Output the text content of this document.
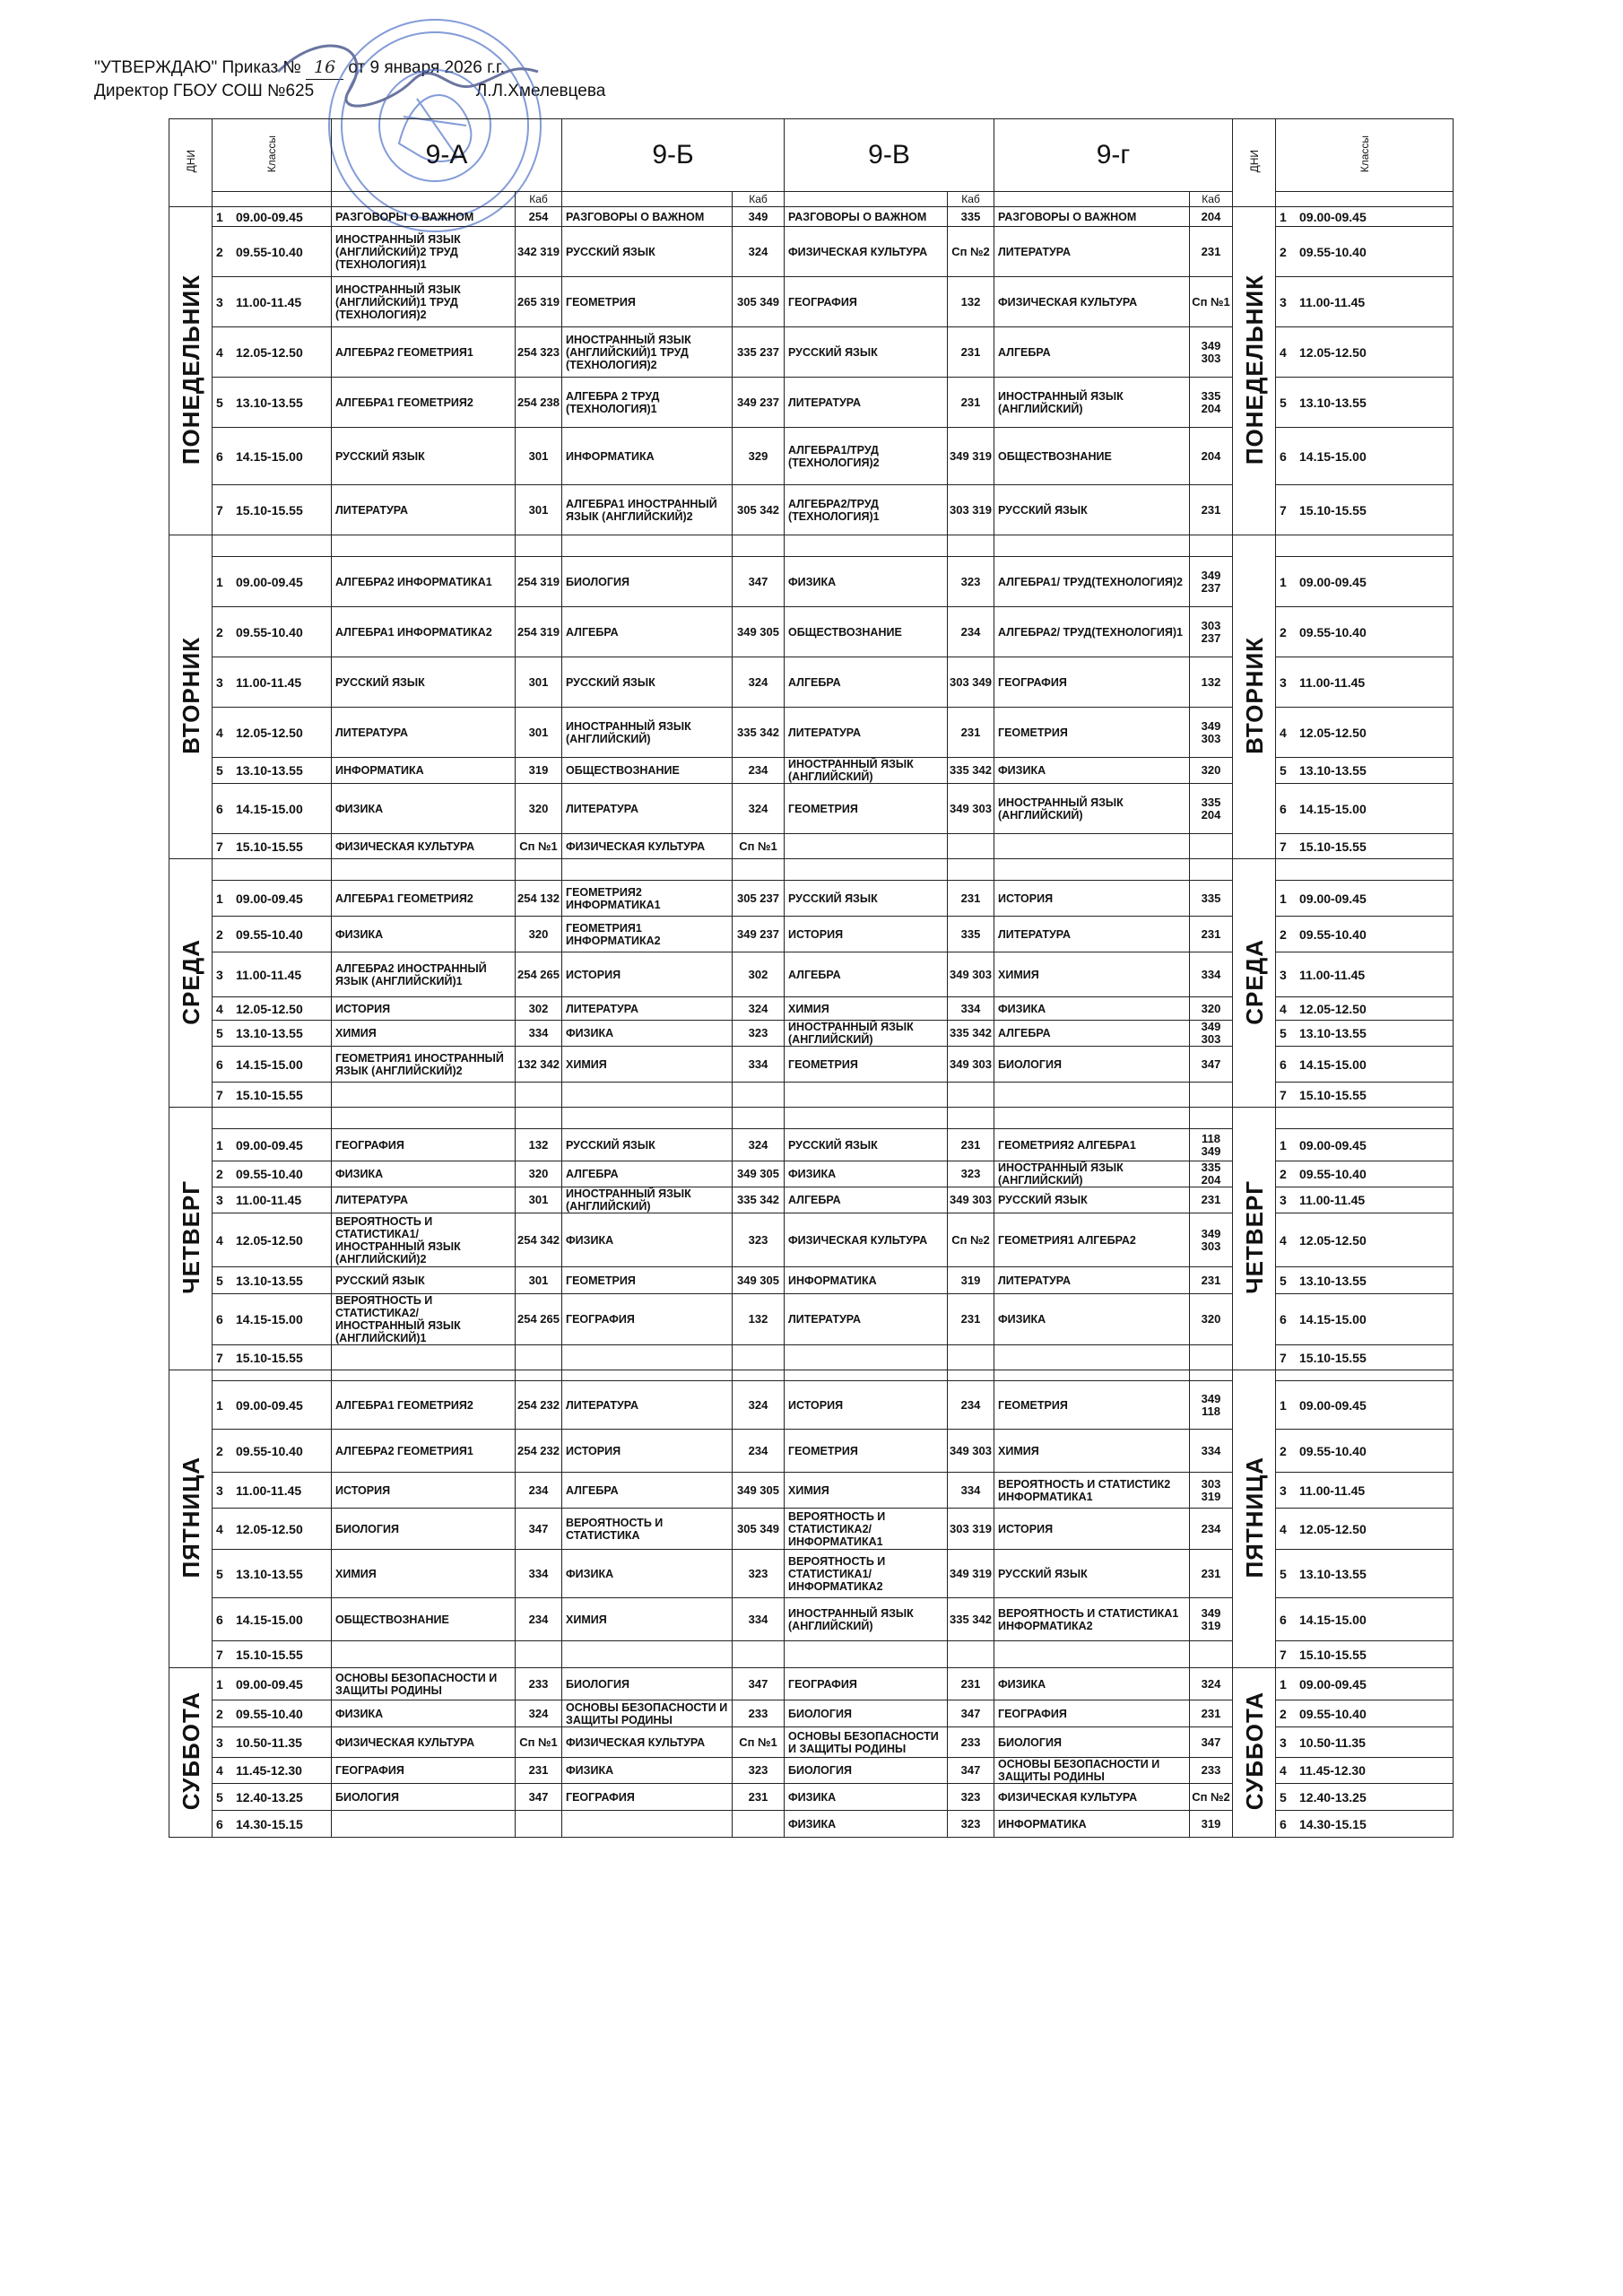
"УТВЕРЖДАЮ" Приказ № 16 от 9 января 2026 г.г.
Директор ГБОУ СОШ №625	Л.Л.Хмелевцева
ДНИ	Классы	9-А		9-Б		9-В		9-г		ДНИ	Классы
			Каб		Каб		Каб		Каб		
ПОНЕДЕЛЬНИК	1 09.00-09.45	РАЗГОВОРЫ О ВАЖНОМ	254	РАЗГОВОРЫ О ВАЖНОМ	349	РАЗГОВОРЫ О ВАЖНОМ	335	РАЗГОВОРЫ О ВАЖНОМ	204	ПОНЕДЕЛЬНИК	1 09.00-09.45
	2 09.55-10.40	ИНОСТРАННЫЙ ЯЗЫК (АНГЛИЙСКИЙ)2 ТРУД (ТЕХНОЛОГИЯ)1	342 319	РУССКИЙ ЯЗЫК	324	ФИЗИЧЕСКАЯ КУЛЬТУРА	Сп №2	ЛИТЕРАТУРА	231		2 09.55-10.40
	3 11.00-11.45	ИНОСТРАННЫЙ ЯЗЫК (АНГЛИЙСКИЙ)1 ТРУД (ТЕХНОЛОГИЯ)2	265 319	ГЕОМЕТРИЯ	305 349	ГЕОГРАФИЯ	132	ФИЗИЧЕСКАЯ КУЛЬТУРА	Сп №1		3 11.00-11.45
	4 12.05-12.50	АЛГЕБРА2 ГЕОМЕТРИЯ1	254 323	ИНОСТРАННЫЙ ЯЗЫК (АНГЛИЙСКИЙ)1 ТРУД (ТЕХНОЛОГИЯ)2	335 237	РУССКИЙ ЯЗЫК	231	АЛГЕБРА	349 303		4 12.05-12.50
	5 13.10-13.55	АЛГЕБРА1 ГЕОМЕТРИЯ2	254 238	АЛГЕБРА 2 ТРУД (ТЕХНОЛОГИЯ)1	349 237	ЛИТЕРАТУРА	231	ИНОСТРАННЫЙ ЯЗЫК (АНГЛИЙСКИЙ)	335 204		5 13.10-13.55
	6 14.15-15.00	РУССКИЙ ЯЗЫК	301	ИНФОРМАТИКА	329	АЛГЕБРА1/ТРУД (ТЕХНОЛОГИЯ)2	349 319	ОБЩЕСТВОЗНАНИЕ	204		6 14.15-15.00
	7 15.10-15.55	ЛИТЕРАТУРА	301	АЛГЕБРА1 ИНОСТРАННЫЙ ЯЗЫК (АНГЛИЙСКИЙ)2	305 342	АЛГЕБРА2/ТРУД (ТЕХНОЛОГИЯ)1	303 319	РУССКИЙ ЯЗЫК	231		7 15.10-15.55
ВТОРНИК										ВТОРНИК	
	1 09.00-09.45	АЛГЕБРА2 ИНФОРМАТИКА1	254 319	БИОЛОГИЯ	347	ФИЗИКА	323	АЛГЕБРА1/ ТРУД(ТЕХНОЛОГИЯ)2	349 237		1 09.00-09.45
	2 09.55-10.40	АЛГЕБРА1 ИНФОРМАТИКА2	254 319	АЛГЕБРА	349 305	ОБЩЕСТВОЗНАНИЕ	234	АЛГЕБРА2/ ТРУД(ТЕХНОЛОГИЯ)1	303 237		2 09.55-10.40
	3 11.00-11.45	РУССКИЙ ЯЗЫК	301	РУССКИЙ ЯЗЫК	324	АЛГЕБРА	303 349	ГЕОГРАФИЯ	132		3 11.00-11.45
	4 12.05-12.50	ЛИТЕРАТУРА	301	ИНОСТРАННЫЙ ЯЗЫК (АНГЛИЙСКИЙ)	335 342	ЛИТЕРАТУРА	231	ГЕОМЕТРИЯ	349 303		4 12.05-12.50
	5 13.10-13.55	ИНФОРМАТИКА	319	ОБЩЕСТВОЗНАНИЕ	234	ИНОСТРАННЫЙ ЯЗЫК (АНГЛИЙСКИЙ)	335 342	ФИЗИКА	320		5 13.10-13.55
	6 14.15-15.00	ФИЗИКА	320	ЛИТЕРАТУРА	324	ГЕОМЕТРИЯ	349 303	ИНОСТРАННЫЙ ЯЗЫК (АНГЛИЙСКИЙ)	335 204		6 14.15-15.00
	7 15.10-15.55	ФИЗИЧЕСКАЯ КУЛЬТУРА	Сп №1	ФИЗИЧЕСКАЯ КУЛЬТУРА	Сп №1						7 15.10-15.55
СРЕДА										СРЕДА	
	1 09.00-09.45	АЛГЕБРА1 ГЕОМЕТРИЯ2	254 132	ГЕОМЕТРИЯ2 ИНФОРМАТИКА1	305 237	РУССКИЙ ЯЗЫК	231	ИСТОРИЯ	335		1 09.00-09.45
	2 09.55-10.40	ФИЗИКА	320	ГЕОМЕТРИЯ1 ИНФОРМАТИКА2	349 237	ИСТОРИЯ	335	ЛИТЕРАТУРА	231		2 09.55-10.40
	3 11.00-11.45	АЛГЕБРА2 ИНОСТРАННЫЙ ЯЗЫК (АНГЛИЙСКИЙ)1	254 265	ИСТОРИЯ	302	АЛГЕБРА	349 303	ХИМИЯ	334		3 11.00-11.45
	4 12.05-12.50	ИСТОРИЯ	302	ЛИТЕРАТУРА	324	ХИМИЯ	334	ФИЗИКА	320		4 12.05-12.50
	5 13.10-13.55	ХИМИЯ	334	ФИЗИКА	323	ИНОСТРАННЫЙ ЯЗЫК (АНГЛИЙСКИЙ)	335 342	АЛГЕБРА	349 303		5 13.10-13.55
	6 14.15-15.00	ГЕОМЕТРИЯ1 ИНОСТРАННЫЙ ЯЗЫК (АНГЛИЙСКИЙ)2	132 342	ХИМИЯ	334	ГЕОМЕТРИЯ	349 303	БИОЛОГИЯ	347		6 14.15-15.00
	7 15.10-15.55										7 15.10-15.55
ЧЕТВЕРГ										ЧЕТВЕРГ	
	1 09.00-09.45	ГЕОГРАФИЯ	132	РУССКИЙ ЯЗЫК	324	РУССКИЙ ЯЗЫК	231	ГЕОМЕТРИЯ2 АЛГЕБРА1	118 349		1 09.00-09.45
	2 09.55-10.40	ФИЗИКА	320	АЛГЕБРА	349 305	ФИЗИКА	323	ИНОСТРАННЫЙ ЯЗЫК (АНГЛИЙСКИЙ)	335 204		2 09.55-10.40
	3 11.00-11.45	ЛИТЕРАТУРА	301	ИНОСТРАННЫЙ ЯЗЫК (АНГЛИЙСКИЙ)	335 342	АЛГЕБРА	349 303	РУССКИЙ ЯЗЫК	231		3 11.00-11.45
	4 12.05-12.50	ВЕРОЯТНОСТЬ И СТАТИСТИКА1/ ИНОСТРАННЫЙ ЯЗЫК (АНГЛИЙСКИЙ)2	254 342	ФИЗИКА	323	ФИЗИЧЕСКАЯ КУЛЬТУРА	Сп №2	ГЕОМЕТРИЯ1 АЛГЕБРА2	349 303		4 12.05-12.50
	5 13.10-13.55	РУССКИЙ ЯЗЫК	301	ГЕОМЕТРИЯ	349 305	ИНФОРМАТИКА	319	ЛИТЕРАТУРА	231		5 13.10-13.55
	6 14.15-15.00	ВЕРОЯТНОСТЬ И СТАТИСТИКА2/ ИНОСТРАННЫЙ ЯЗЫК (АНГЛИЙСКИЙ)1	254 265	ГЕОГРАФИЯ	132	ЛИТЕРАТУРА	231	ФИЗИКА	320		6 14.15-15.00
	7 15.10-15.55										7 15.10-15.55
ПЯТНИЦА										ПЯТНИЦА	
	1 09.00-09.45	АЛГЕБРА1 ГЕОМЕТРИЯ2	254 232	ЛИТЕРАТУРА	324	ИСТОРИЯ	234	ГЕОМЕТРИЯ	349 118		1 09.00-09.45
	2 09.55-10.40	АЛГЕБРА2 ГЕОМЕТРИЯ1	254 232	ИСТОРИЯ	234	ГЕОМЕТРИЯ	349 303	ХИМИЯ	334		2 09.55-10.40
	3 11.00-11.45	ИСТОРИЯ	234	АЛГЕБРА	349 305	ХИМИЯ	334	ВЕРОЯТНОСТЬ И СТАТИСТИК2 ИНФОРМАТИКА1	303 319		3 11.00-11.45
	4 12.05-12.50	БИОЛОГИЯ	347	ВЕРОЯТНОСТЬ И СТАТИСТИКА	305 349	ВЕРОЯТНОСТЬ И СТАТИСТИКА2/ ИНФОРМАТИКА1	303 319	ИСТОРИЯ	234		4 12.05-12.50
	5 13.10-13.55	ХИМИЯ	334	ФИЗИКА	323	ВЕРОЯТНОСТЬ И СТАТИСТИКА1/ ИНФОРМАТИКА2	349 319	РУССКИЙ ЯЗЫК	231		5 13.10-13.55
	6 14.15-15.00	ОБЩЕСТВОЗНАНИЕ	234	ХИМИЯ	334	ИНОСТРАННЫЙ ЯЗЫК (АНГЛИЙСКИЙ)	335 342	ВЕРОЯТНОСТЬ И СТАТИСТИКА1 ИНФОРМАТИКА2	349 319		6 14.15-15.00
	7 15.10-15.55										7 15.10-15.55
СУББОТА	1 09.00-09.45	ОСНОВЫ БЕЗОПАСНОСТИ И ЗАЩИТЫ РОДИНЫ	233	БИОЛОГИЯ	347	ГЕОГРАФИЯ	231	ФИЗИКА	324	СУББОТА	1 09.00-09.45
	2 09.55-10.40	ФИЗИКА	324	ОСНОВЫ БЕЗОПАСНОСТИ И ЗАЩИТЫ РОДИНЫ	233	БИОЛОГИЯ	347	ГЕОГРАФИЯ	231		2 09.55-10.40
	3 10.50-11.35	ФИЗИЧЕСКАЯ КУЛЬТУРА	Сп №1	ФИЗИЧЕСКАЯ КУЛЬТУРА	Сп №1	ОСНОВЫ БЕЗОПАСНОСТИ И ЗАЩИТЫ РОДИНЫ	233	БИОЛОГИЯ	347		3 10.50-11.35
	4 11.45-12.30	ГЕОГРАФИЯ	231	ФИЗИКА	323	БИОЛОГИЯ	347	ОСНОВЫ БЕЗОПАСНОСТИ И ЗАЩИТЫ РОДИНЫ	233		4 11.45-12.30
	5 12.40-13.25	БИОЛОГИЯ	347	ГЕОГРАФИЯ	231	ФИЗИКА	323	ФИЗИЧЕСКАЯ КУЛЬТУРА	Сп №2		5 12.40-13.25
	6 14.30-15.15					ФИЗИКА	323	ИНФОРМАТИКА	319		6 14.30-15.15
